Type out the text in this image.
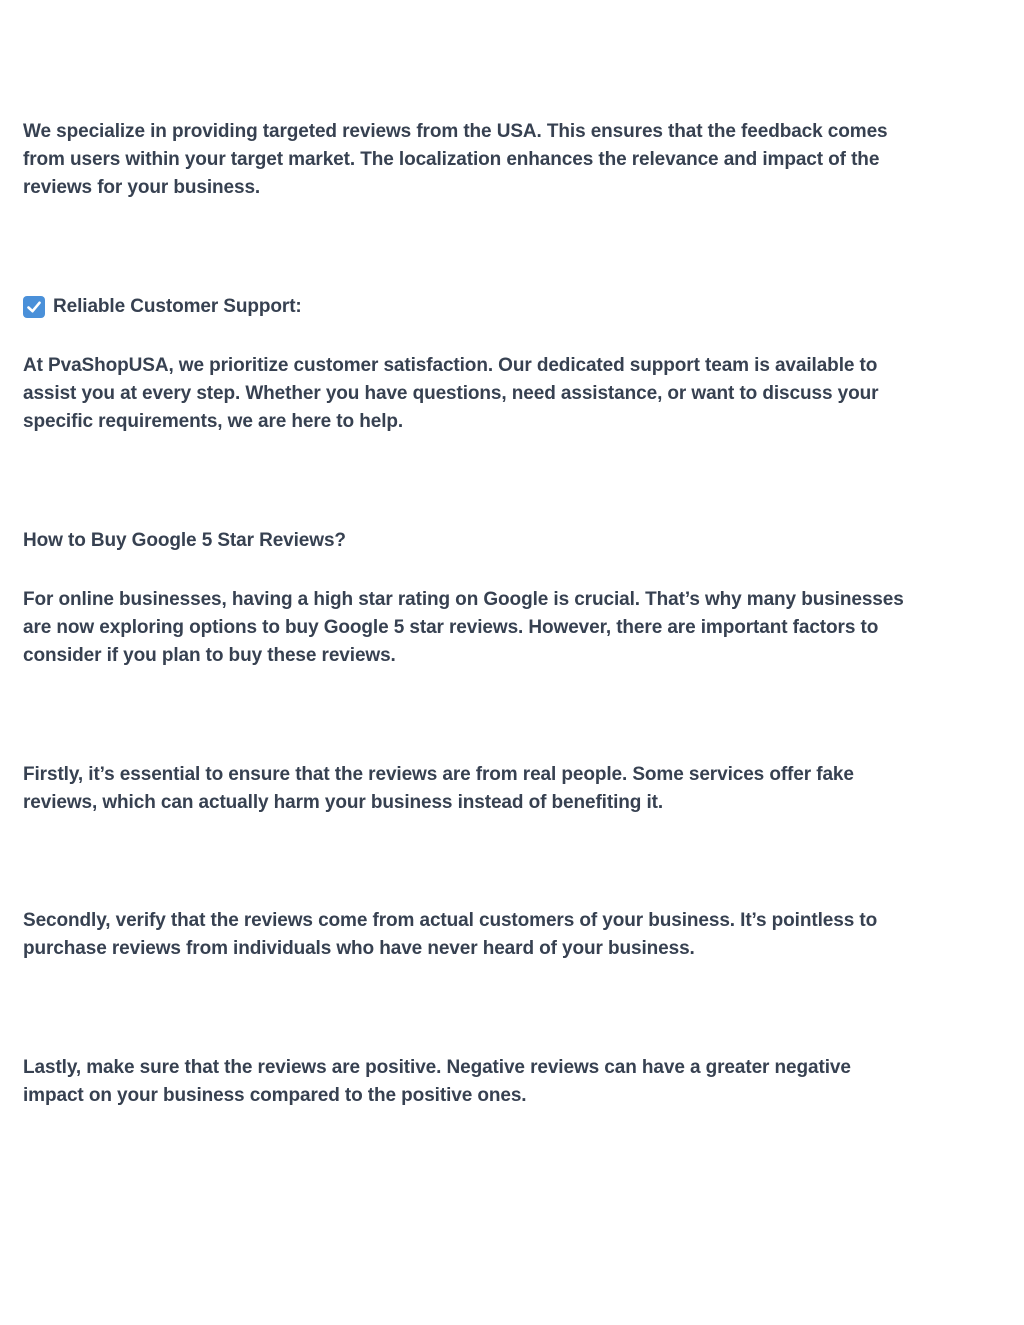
We specialize in providing targeted reviews from the USA. This ensures that the feedback comes from users within your target market. The localization enhances the relevance and impact of the reviews for your business.

Reliable Customer Support:

At PvaShopUSA, we prioritize customer satisfaction. Our dedicated support team is available to assist you at every step. Whether you have questions, need assistance, or want to discuss your specific requirements, we are here to help.

How to Buy Google 5 Star Reviews?

For online businesses, having a high star rating on Google is crucial. That’s why many businesses are now exploring options to buy Google 5 star reviews. However, there are important factors to consider if you plan to buy these reviews.

Firstly, it’s essential to ensure that the reviews are from real people. Some services offer fake reviews, which can actually harm your business instead of benefiting it.

Secondly, verify that the reviews come from actual customers of your business. It’s pointless to purchase reviews from individuals who have never heard of your business.

Lastly, make sure that the reviews are positive. Negative reviews can have a greater negative impact on your business compared to the positive ones.
